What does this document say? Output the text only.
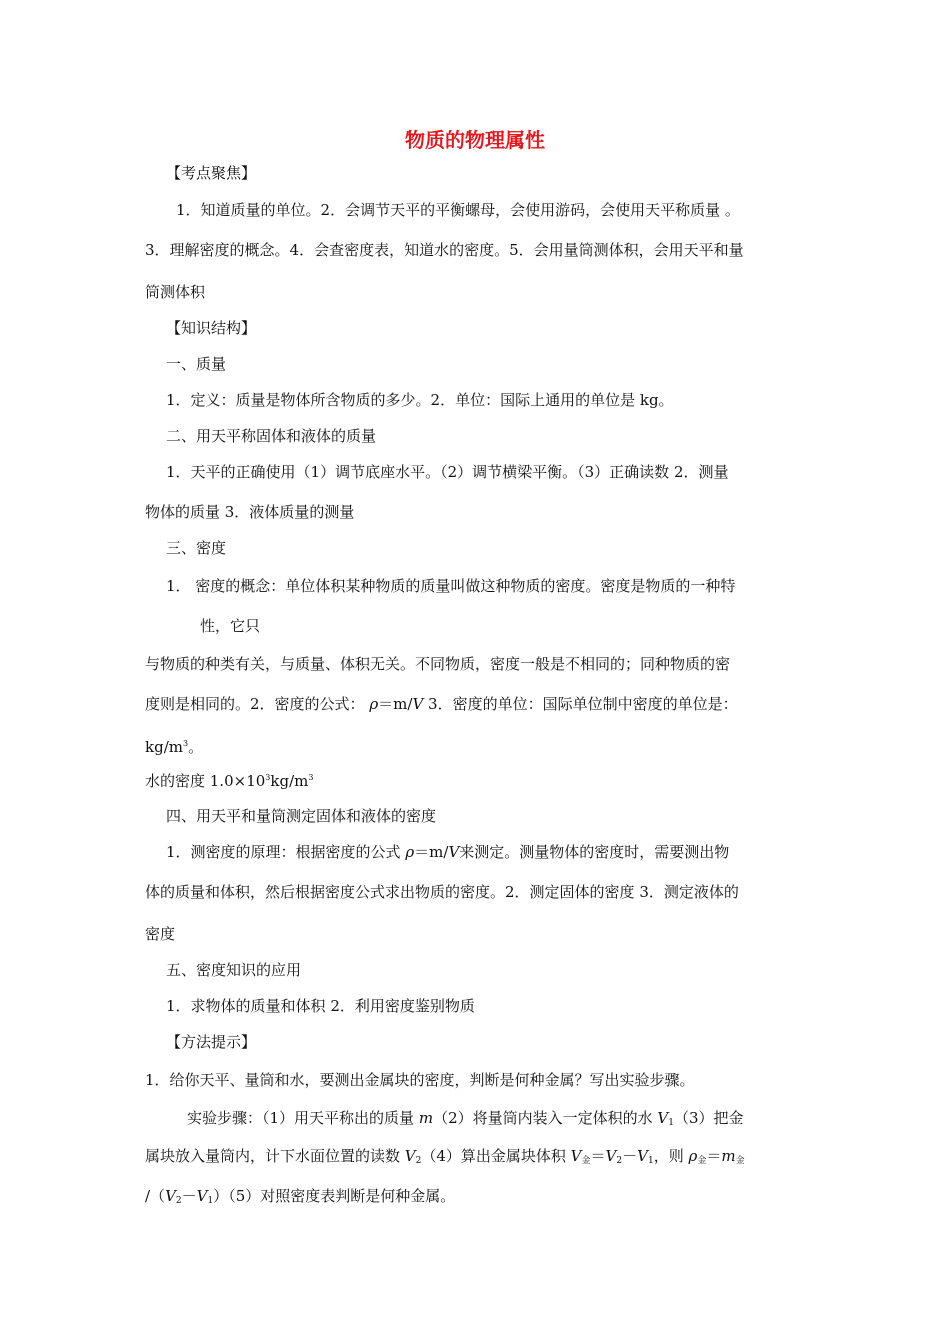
物质的物理属性
【考点聚焦】
1．知道质量的单位。2．会调节天平的平衡螺母，会使用游码，会使用天平称质量 。
3．理解密度的概念。4．会查密度表，知道水的密度。5．会用量筒测体积，会用天平和量
筒测体积
【知识结构】
一、质量
1．定义：质量是物体所含物质的多少。2．单位：国际上通用的单位是 kg。
二、用天平称固体和液体的质量
1．天平的正确使用（1）调节底座水平。（2）调节横梁平衡。（3）正确读数 2．测量
物体的质量 3．液体质量的测量
三、密度
1． 密度的概念：单位体积某种物质的质量叫做这种物质的密度。密度是物质的一种特
性，它只
与物质的种类有关，与质量、体积无关。不同物质，密度一般是不相同的；同种物质的密
度则是相同的。2．密度的公式： ρ＝m/V 3．密度的单位：国际单位制中密度的单位是：
$kg/m^3$。
水的密度 $1.0\times 10^3kg/m^3$
四、用天平和量筒测定固体和液体的密度
1．测密度的原理：根据密度的公式 ρ＝m/V来测定。测量物体的密度时，需要测出物
体的质量和体积，然后根据密度公式求出物质的密度。2．测定固体的密度 3．测定液体的
密度
五、密度知识的应用
1．求物体的质量和体积 2．利用密度鉴别物质
【方法提示】
1．给你天平、量筒和水，要测出金属块的密度，判断是何种金属？写出实验步骤。
实验步骤：（1）用天平称出的质量 m（2）将量筒内装入一定体积的水 $V_1(3)$把金
属块放入量筒内，计下水面位置的读数 $V_2(4)$算出金属块体积 $V_金=V_2-V_1$，则 $\rho_金=m_金$
$/(V_2-V_1)(5)$对照密度表判断是何种金属。
